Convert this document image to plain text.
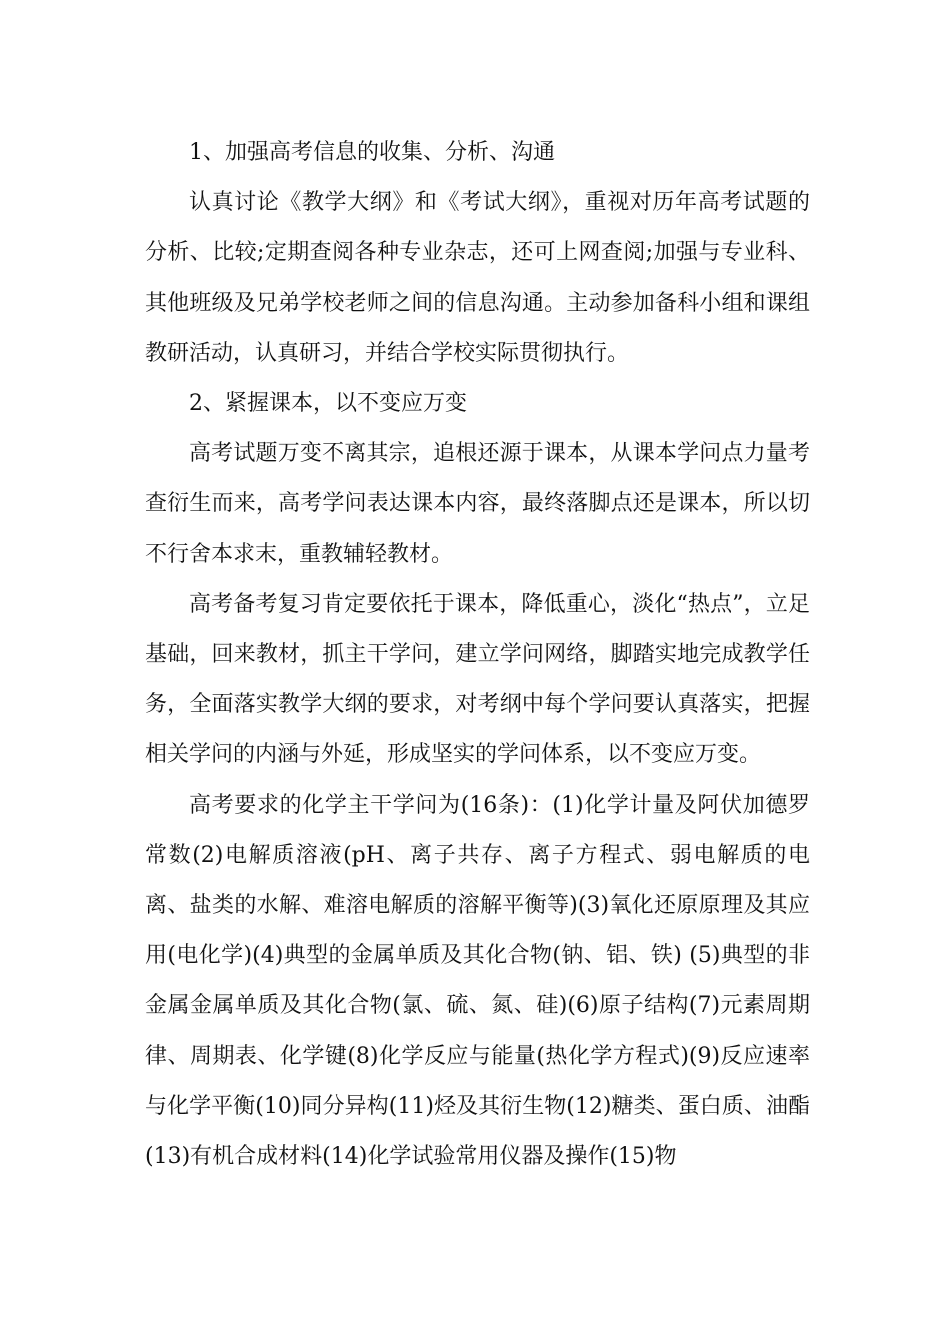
1、加强高考信息的收集、分析、沟通

认真讨论《教学大纲》和《考试大纲》，重视对历年高考试题的分析、比较;定期查阅各种专业杂志，还可上网查阅;加强与专业科、其他班级及兄弟学校老师之间的信息沟通。主动参加备科小组和课组教研活动，认真研习，并结合学校实际贯彻执行。

2、紧握课本，以不变应万变

高考试题万变不离其宗，追根还源于课本，从课本学问点力量考查衍生而来，高考学问表达课本内容，最终落脚点还是课本，所以切不行舍本求末，重教辅轻教材。

高考备考复习肯定要依托于课本，降低重心，淡化“热点”，立足基础，回来教材，抓主干学问，建立学问网络，脚踏实地完成教学任务，全面落实教学大纲的要求，对考纲中每个学问要认真落实，把握相关学问的内涵与外延，形成坚实的学问体系，以不变应万变。

高考要求的化学主干学问为(16条)：(1)化学计量及阿伏加德罗常数(2)电解质溶液(pH、离子共存、离子方程式、弱电解质的电离、盐类的水解、难溶电解质的溶解平衡等)(3)氧化还原原理及其应用(电化学)(4)典型的金属单质及其化合物(钠、铝、铁) (5)典型的非金属金属单质及其化合物(氯、硫、氮、硅)(6)原子结构(7)元素周期律、周期表、化学键(8)化学反应与能量(热化学方程式)(9)反应速率与化学平衡(10)同分异构(11)烃及其衍生物(12)糖类、蛋白质、油酯(13)有机合成材料(14)化学试验常用仪器及操作(15)物
